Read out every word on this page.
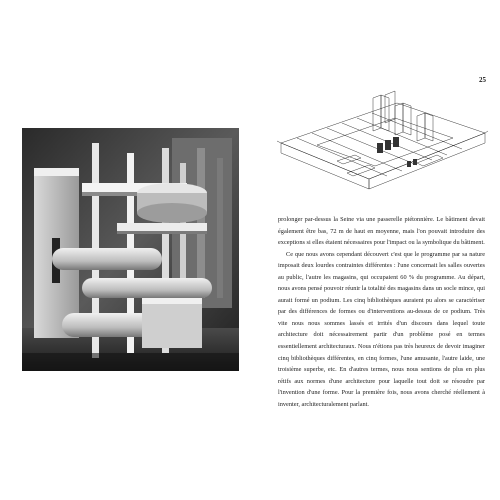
25

prolonger par-dessus la Seine via une passerelle piétonnière. Le bâtiment devait également être bas, 72 m de haut en moyenne, mais l'on pouvait introduire des exceptions si elles étaient nécessaires pour l'impact ou la symbolique du bâtiment.

Ce que nous avons cependant découvert c'est que le programme par sa nature imposait deux lourdes contraintes différentes : l'une concernait les salles ouvertes au public, l'autre les magasins, qui occupaient 60 % du programme. Au départ, nous avons pensé pouvoir réunir la totalité des magasins dans un socle mince, qui aurait formé un podium. Les cinq bibliothèques auraient pu alors se caractériser par des différences de formes ou d'interventions au-dessus de ce podium. Très vite nous nous sommes lassés et irrités d'un discours dans lequel toute architecture doit nécessairement partir d'un problème posé en termes essentiellement architecturaux. Nous n'étions pas très heureux de devoir imaginer cinq bibliothèques différentes, en cinq formes, l'une amusante, l'autre laide, une troisième superbe, etc. En d'autres termes, nous nous sentions de plus en plus rétifs aux normes d'une architecture pour laquelle tout doit se résoudre par l'invention d'une forme. Pour la première fois, nous avons cherché réellement à inventer, architecturalement parlant.
